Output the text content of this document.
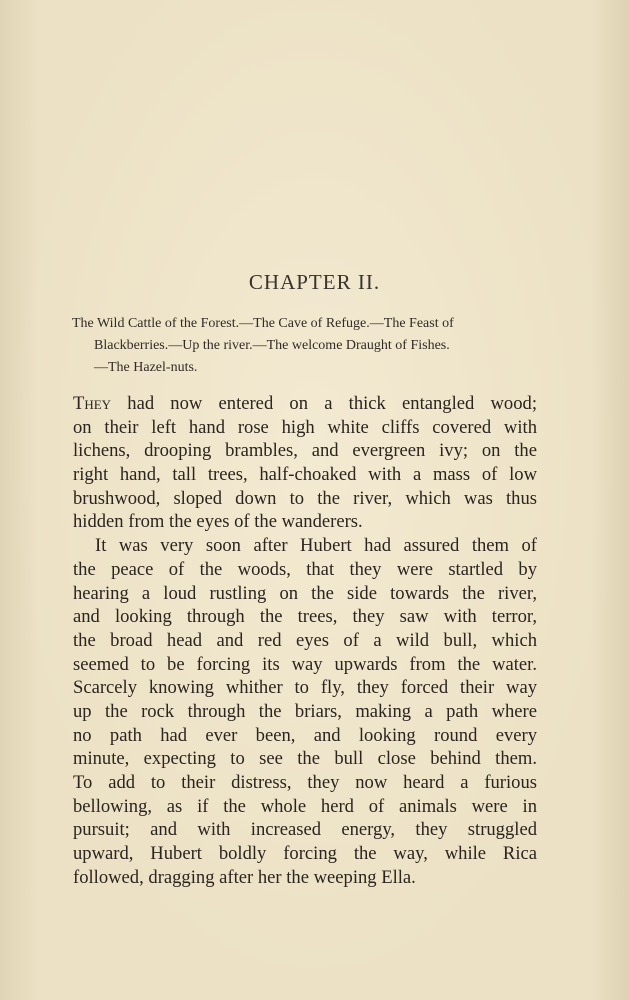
CHAPTER II.
The Wild Cattle of the Forest.—The Cave of Refuge.—The Feast of
Blackberries.—Up the river.—The welcome Draught of Fishes.
—The Hazel-nuts.
They had now entered on a thick entangled wood;
on their left hand rose high white cliffs covered with
lichens, drooping brambles, and evergreen ivy; on the
right hand, tall trees, half-choaked with a mass of low
brushwood, sloped down to the river, which was thus
hidden from the eyes of the wanderers.
It was very soon after Hubert had assured them of
the peace of the woods, that they were startled by
hearing a loud rustling on the side towards the river,
and looking through the trees, they saw with terror,
the broad head and red eyes of a wild bull, which
seemed to be forcing its way upwards from the water.
Scarcely knowing whither to fly, they forced their way
up the rock through the briars, making a path where
no path had ever been, and looking round every
minute, expecting to see the bull close behind them.
To add to their distress, they now heard a furious
bellowing, as if the whole herd of animals were in
pursuit; and with increased energy, they struggled
upward, Hubert boldly forcing the way, while Rica
followed, dragging after her the weeping Ella.
